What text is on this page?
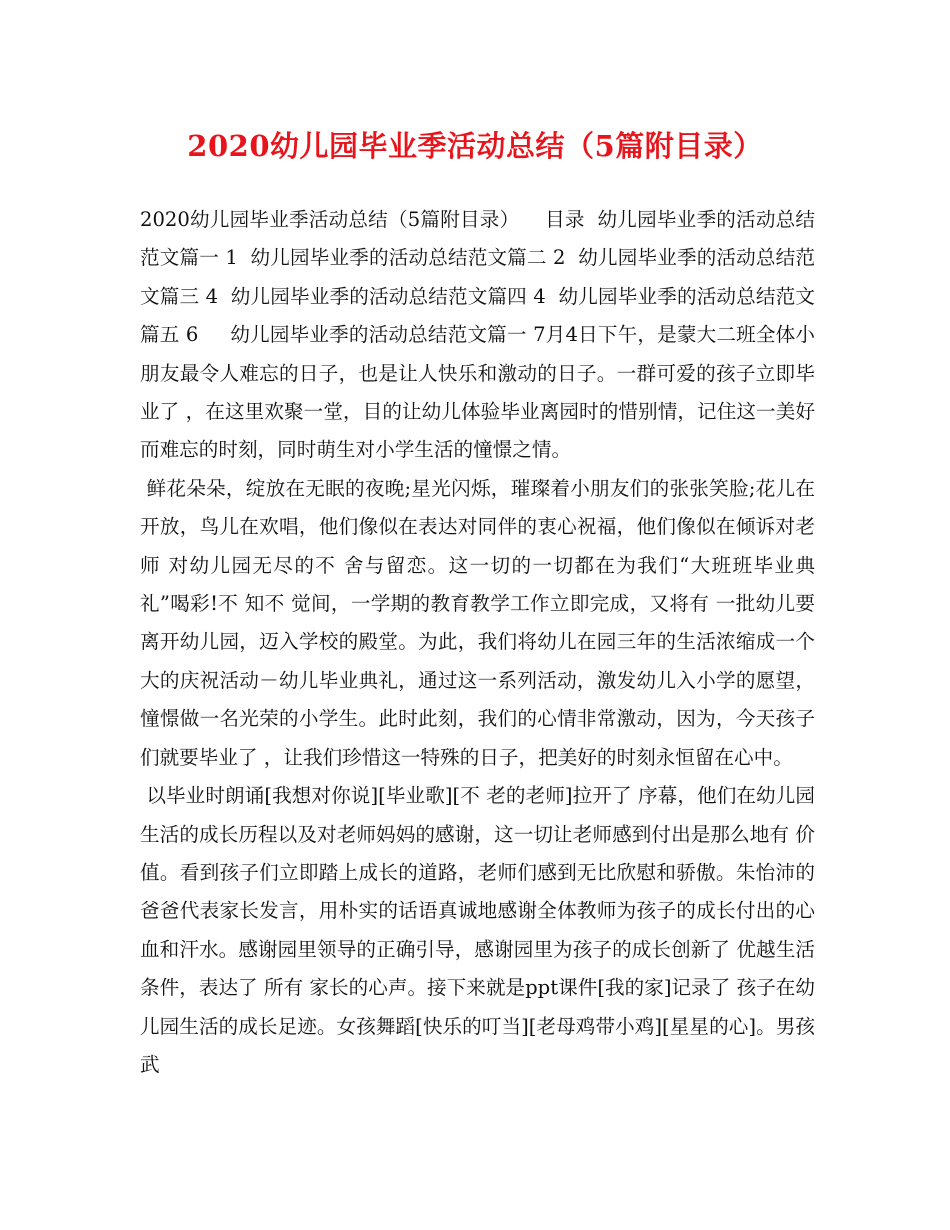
2020幼儿园毕业季活动总结（5篇附目录）

2020幼儿园毕业季活动总结（5篇附目录）    目录  幼儿园毕业季的活动总结范文篇一 1  幼儿园毕业季的活动总结范文篇二 2  幼儿园毕业季的活动总结范文篇三 4  幼儿园毕业季的活动总结范文篇四 4  幼儿园毕业季的活动总结范文篇五 6     幼儿园毕业季的活动总结范文篇一 7月4日下午，是蒙大二班全体小朋友最令人难忘的日子，也是让人快乐和激动的日子。一群可爱的孩子立即毕业了 ，在这里欢聚一堂，目的让幼儿体验毕业离园时的惜别情，记住这一美好而难忘的时刻，同时萌生对小学生活的憧憬之情。

鲜花朵朵，绽放在无眠的夜晚;星光闪烁，璀璨着小朋友们的张张笑脸;花儿在开放，鸟儿在欢唱，他们像似在表达对同伴的衷心祝福，他们像似在倾诉对老师 对幼儿园无尽的不 舍与留恋。这一切的一切都在为我们“大班班毕业典礼”喝彩!不 知不 觉间，一学期的教育教学工作立即完成，又将有 一批幼儿要离开幼儿园，迈入学校的殿堂。为此，我们将幼儿在园三年的生活浓缩成一个大的庆祝活动－幼儿毕业典礼，通过这一系列活动，激发幼儿入小学的愿望，憧憬做一名光荣的小学生。此时此刻，我们的心情非常激动，因为，今天孩子们就要毕业了 ，让我们珍惜这一特殊的日子，把美好的时刻永恒留在心中。

以毕业时朗诵[我想对你说][毕业歌][不 老的老师]拉开了 序幕，他们在幼儿园生活的成长历程以及对老师妈妈的感谢，这一切让老师感到付出是那么地有 价值。看到孩子们立即踏上成长的道路，老师们感到无比欣慰和骄傲。朱怡沛的爸爸代表家长发言，用朴实的话语真诚地感谢全体教师为孩子的成长付出的心血和汗水。感谢园里领导的正确引导，感谢园里为孩子的成长创新了 优越生活条件，表达了 所有 家长的心声。接下来就是ppt课件[我的家]记录了 孩子在幼儿园生活的成长足迹。女孩舞蹈[快乐的叮当][老母鸡带小鸡][星星的心]。男孩武
